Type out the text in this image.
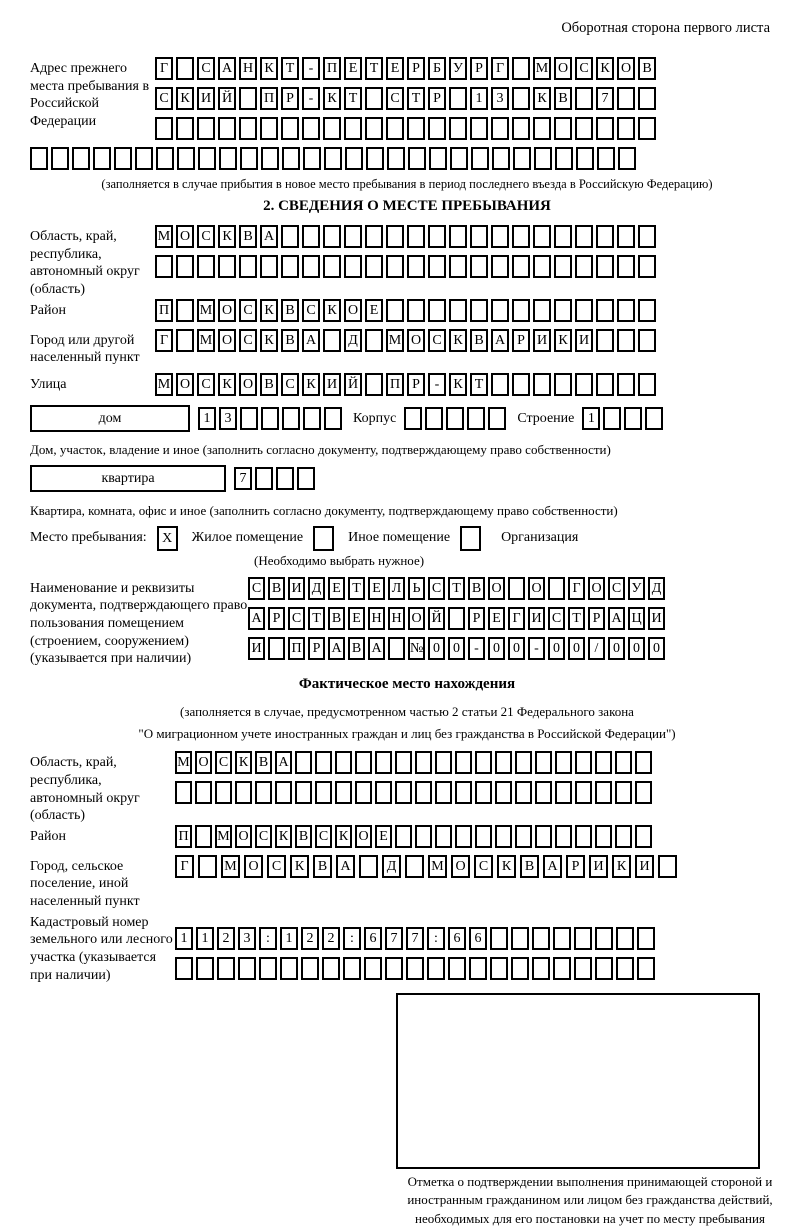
Оборотная сторона первого листа
Адрес прежнего места пребывания в Российской Федерации
Г	С А Н К Т	- П Е Т Е Р Б У Р Г	М О С К О В
С К И Й П Р	-	К Т	С Т Р	1	3	К В	7
(заполняется в случае прибытия в новое место пребывания в период последнего въезда в Российскую Федерацию)
2. СВЕДЕНИЯ О МЕСТЕ ПРЕБЫВАНИЯ
Область, край, республика, автономный округ (область)
М О С К В А
Район	П М О С К В С К О Е
Город или другой населенный пункт
Г	М О С К В А	Д	М О С К В А Р И К И
Улица	М О С К О В С К И Й П Р	-	К Т
дом	1	3	Корпус	Строение 1
Дом, участок, владение и иное (заполнить согласно документу, подтверждающему право собственности)
квартира	7
Квартира, комната, офис и иное (заполнить согласно документу, подтверждающему право собственности)
Место пребывания:	X	Жилое помещение	Иное помещение	Организация
(Необходимо выбрать нужное)
Наименование и реквизиты документа, подтверждающего право пользования помещением (строением, сооружением) (указывается при наличии)
С В И Д Е Т Е Л Ь С Т В О О	Г О С У Д
А Р С Т В Е Н Н О Й	Р Е Г И С Т Р А Ц И
И П Р А В А № 0 0	-	0 0	-	0 0	/	0 0 0
Фактическое место нахождения
(заполняется в случае, предусмотренном частью 2 статьи 21 Федерального закона
"О миграционном учете иностранных граждан и лиц без гражданства в Российской Федерации")
Область, край, республика, автономный округ (область)
М О С К В А
Район	П М О С К В С К О Е
Город, сельское поселение, иной населенный пункт
Г	М О С К В А	Д	М О С К В А	Р	И К И
Кадастровый номер земельного или лесного участка (указывается при наличии)
1	1	2	3	:	1	2	2	:	6	7	7	:	6	6
Отметка о подтверждении выполнения принимающей стороной и иностранным гражданином или лицом без гражданства действий, необходимых для его постановки на учет по месту пребывания
